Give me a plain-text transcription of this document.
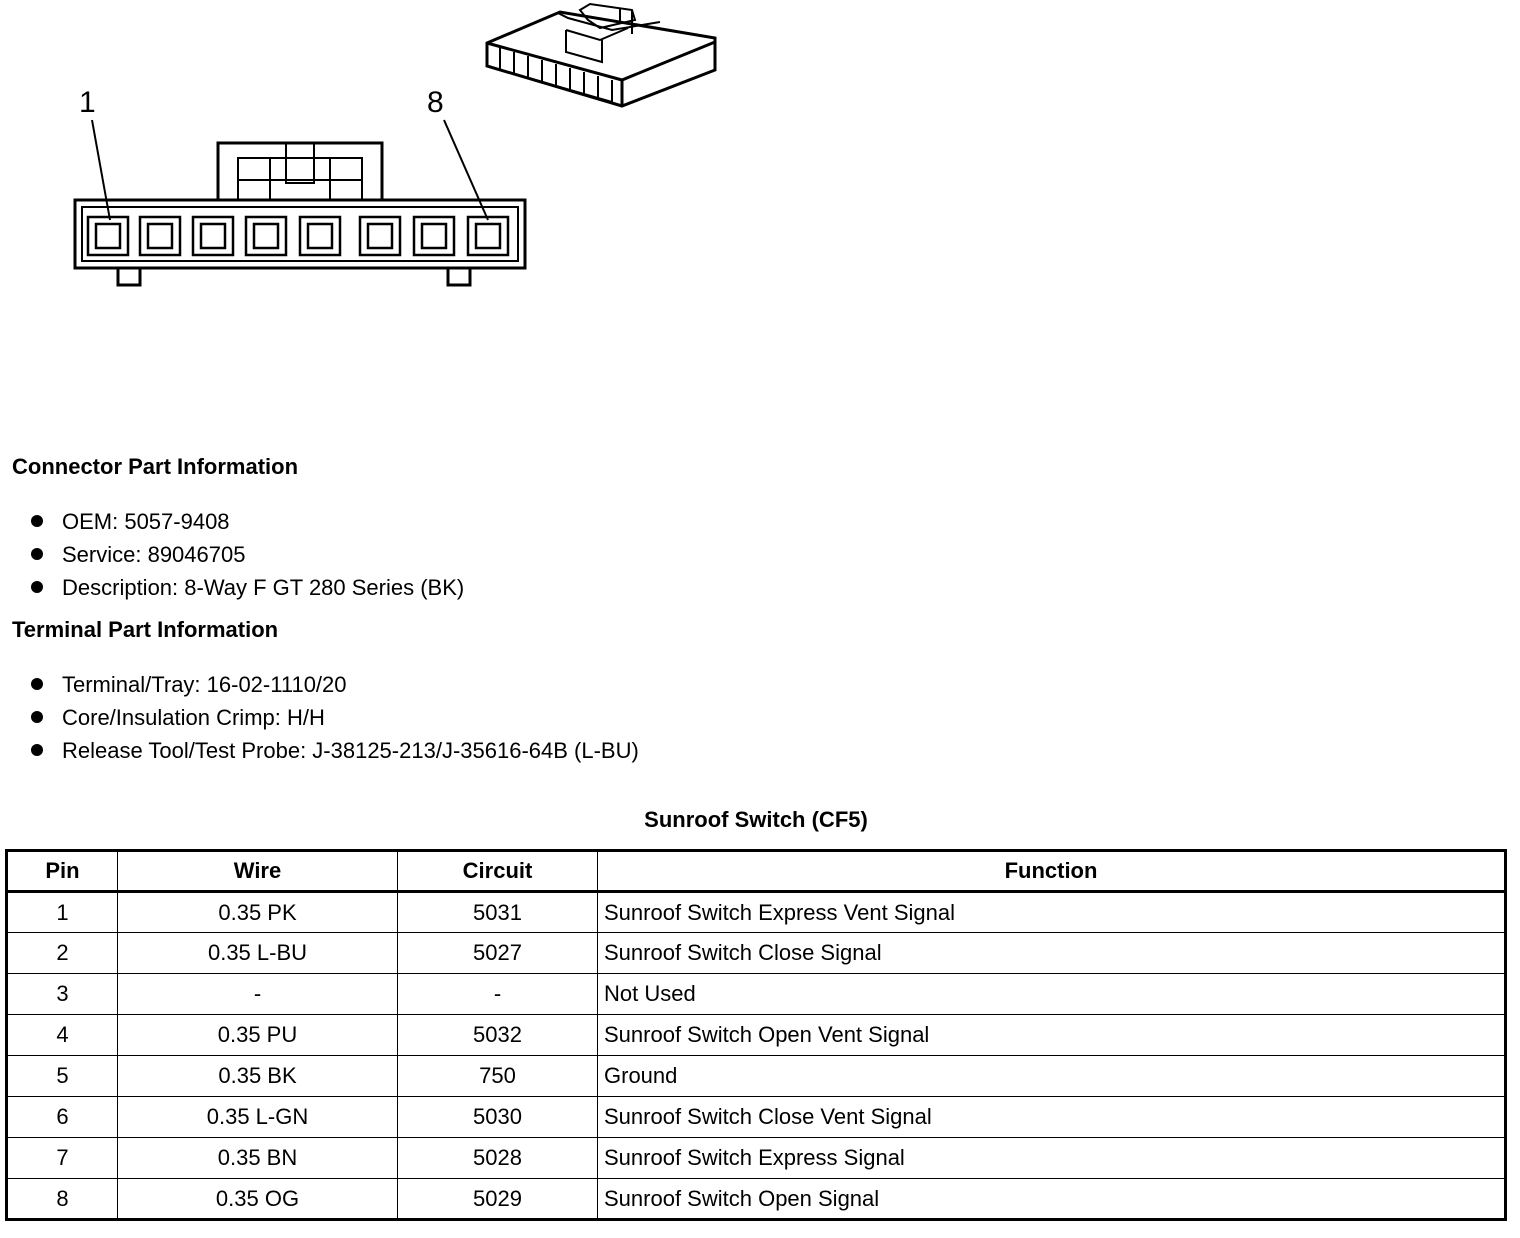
1	8
Connector Part Information
OEM: 5057-9408
Service: 89046705
Description: 8-Way F GT 280 Series (BK)
Terminal Part Information
Terminal/Tray: 16-02-1110/20
Core/Insulation Crimp: H/H
Release Tool/Test Probe: J-38125-213/J-35616-64B (L-BU)
Sunroof Switch (CF5)
Pin	Wire	Circuit	Function
1	0.35 PK	5031	Sunroof Switch Express Vent Signal
2	0.35 L-BU	5027	Sunroof Switch Close Signal
3	-	-	Not Used
4	0.35 PU	5032	Sunroof Switch Open Vent Signal
5	0.35 BK	750	Ground
6	0.35 L-GN	5030	Sunroof Switch Close Vent Signal
7	0.35 BN	5028	Sunroof Switch Express Signal
8	0.35 OG	5029	Sunroof Switch Open Signal
